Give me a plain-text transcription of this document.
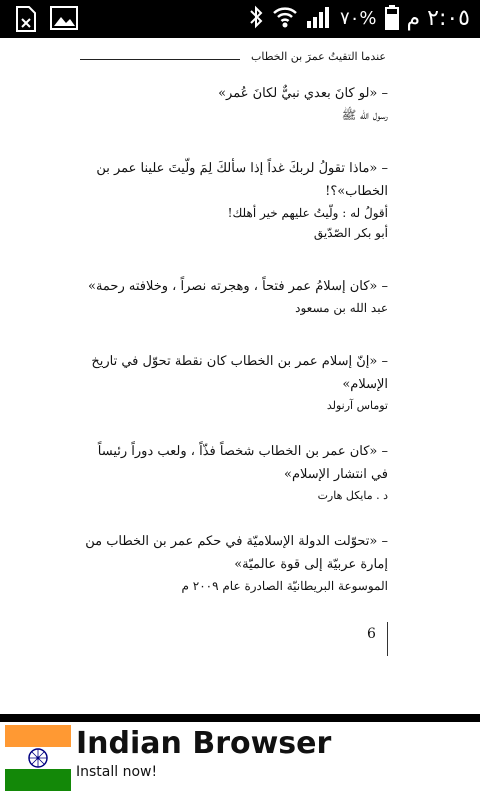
٧٠% ٢:٠٥ م
عندما التقيتُ عمرَ بن الخطاب
– «لو كانَ بعدي نبيٌّ لكانَ عُمر»
رسول الله ﷺ
– «ماذا تقولُ لربكَ غداً إذا سألكَ لِمَ ولّيتَ علينا عمر بن الخطاب»؟!
أقولُ له : ولّيتُ عليهم خير أهلك!
أبو بكر الصّدّيق
– «كان إسلامُ عمر فتحاً ، وهجرته نصراً ، وخلافته رحمة»
عبد الله بن مسعود
– «إنّ إسلام عمر بن الخطاب كان نقطة تحوّل في تاريخ الإسلام»
توماس آرنولد
– «كان عمر بن الخطاب شخصاً فذّاً ، ولعب دوراً رئيساً في انتشار الإسلام»
د . مايكل هارت
– «تحوّلت الدولة الإسلاميّة في حكم عمر بن الخطاب من إمارة عربيّة إلى قوة عالميّة»
الموسوعة البريطانيّة الصادرة عام ٢٠٠٩ م
6
Indian Browser
Install now!
